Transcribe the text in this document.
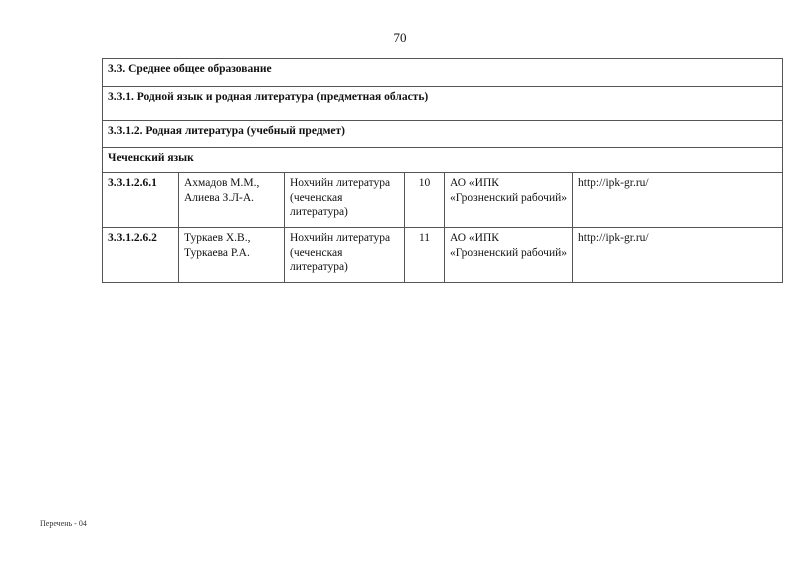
70
3.3. Среднее общее образование					
3.3.1. Родной язык и родная литература (предметная область)					
3.3.1.2. Родная литература (учебный предмет)					
Чеченский язык					
3.3.1.2.6.1	Ахмадов М.М., Алиева З.Л-А.	Нохчийн литература (чеченская литература)	10	АО «ИПК «Грозненский рабочий»	http://ipk-gr.ru/
3.3.1.2.6.2	Туркаев Х.В., Туркаева Р.А.	Нохчийн литература (чеченская литература)	11	АО «ИПК «Грозненский рабочий»	http://ipk-gr.ru/
Перечень - 04
